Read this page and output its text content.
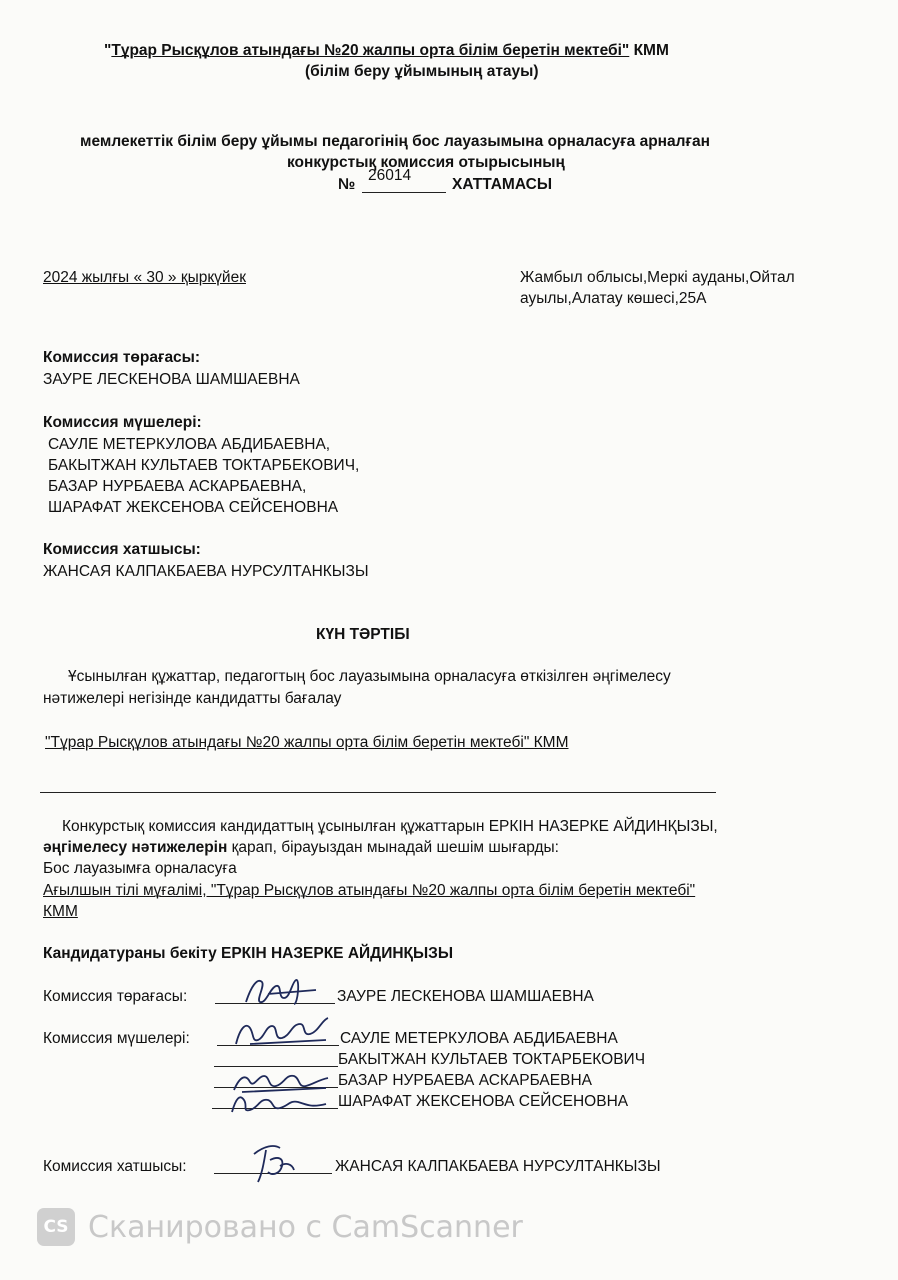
"Тұрар Рысқұлов атындағы №20 жалпы орта білім беретін мектебі" КММ
(білім беру ұйымының атауы)
мемлекеттік білім беру ұйымы педагогінің бос лауазымына орналасуға арналған
конкурстық комиссия отырысының
№
26014
ХАТТАМАСЫ
2024 жылғы « 30 » қыркүйек	Жамбыл облысы,Меркі ауданы,Ойтал
ауылы,Алатау көшесі,25А
Комиссия төрағасы:
ЗАУРЕ ЛЕСКЕНОВА ШАМШАЕВНА
Комиссия мүшелері:
САУЛЕ МЕТЕРКУЛОВА АБДИБАЕВНА,
БАКЫТЖАН КУЛЬТАЕВ ТОКТАРБЕКОВИЧ,
БАЗАР НУРБАЕВА АСКАРБАЕВНА,
ШАРАФАТ ЖЕКСЕНОВА СЕЙСЕНОВНА
Комиссия хатшысы:
ЖАНСАЯ КАЛПАКБАЕВА НУРСУЛТАНКЫЗЫ
КҮН ТӘРТІБІ
Ұсынылған құжаттар, педагогтың бос лауазымына орналасуға өткізілген әңгімелесу
нәтижелері негізінде кандидатты бағалау
"Тұрар Рысқұлов атындағы №20 жалпы орта білім беретін мектебі" КММ
Конкурстық комиссия кандидаттың ұсынылған құжаттарын ЕРКІН НАЗЕРКЕ АЙДИНҚЫЗЫ,
әңгімелесу нәтижелерін қарап, бірауыздан мынадай шешім шығарды:
Бос лауазымға орналасуға
Ағылшын тілі мұғалімі, "Тұрар Рысқұлов атындағы №20 жалпы орта білім беретін мектебі"
КММ
Кандидатураны бекіту ЕРКІН НАЗЕРКЕ АЙДИНҚЫЗЫ
Комиссия төрағасы:	ЗАУРЕ ЛЕСКЕНОВА ШАМШАЕВНА
Комиссия мүшелері:	САУЛЕ МЕТЕРКУЛОВА АБДИБАЕВНА
БАКЫТЖАН КУЛЬТАЕВ ТОКТАРБЕКОВИЧ
БАЗАР НУРБАЕВА АСКАРБАЕВНА
ШАРАФАТ ЖЕКСЕНОВА СЕЙСЕНОВНА
Комиссия хатшысы:	ЖАНСАЯ КАЛПАКБАЕВА НУРСУЛТАНКЫЗЫ
CS Сканировано с CamScanner
